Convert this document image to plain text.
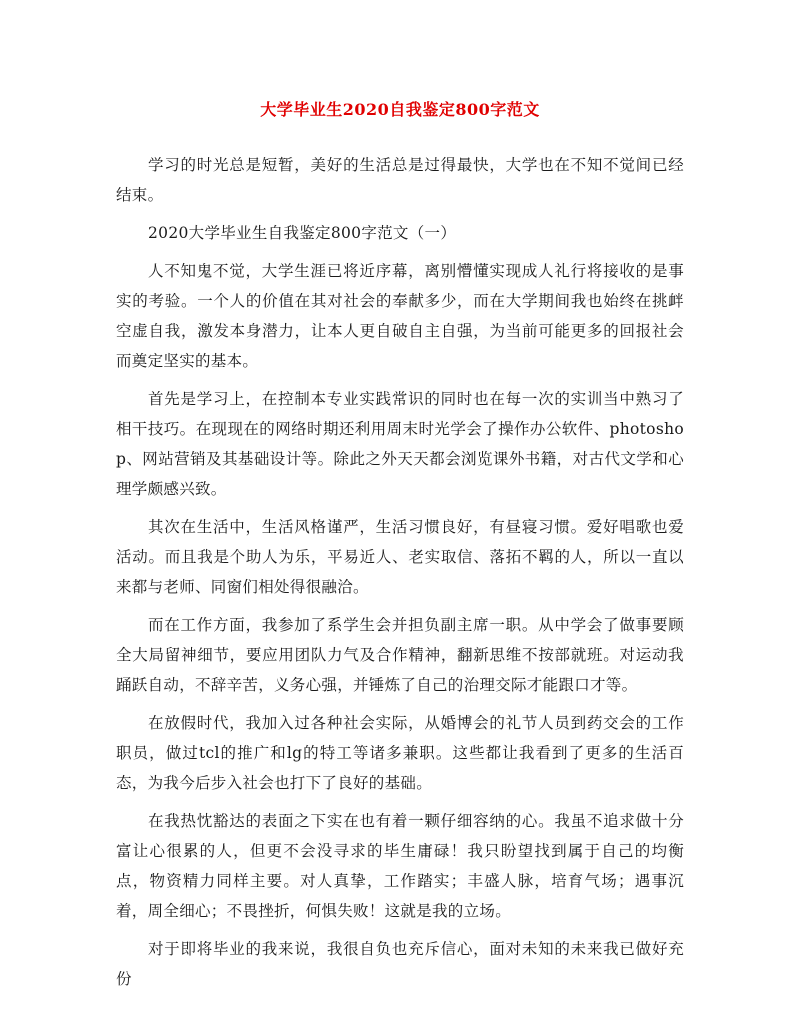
大学毕业生2020自我鉴定800字范文

学习的时光总是短暂，美好的生活总是过得最快，大学也在不知不觉间已经结束。

2020大学毕业生自我鉴定800字范文（一）

人不知鬼不觉，大学生涯已将近序幕，离别懵懂实现成人礼行将接收的是事实的考验。一个人的价值在其对社会的奉献多少，而在大学期间我也始终在挑衅空虚自我，激发本身潜力，让本人更自破自主自强，为当前可能更多的回报社会而奠定坚实的基本。

首先是学习上，在控制本专业实践常识的同时也在每一次的实训当中熟习了相干技巧。在现现在的网络时期还利用周末时光学会了操作办公软件、photoshop、网站营销及其基础设计等。除此之外天天都会浏览课外书籍，对古代文学和心理学颇感兴致。

其次在生活中，生活风格谨严，生活习惯良好，有昼寝习惯。爱好唱歌也爱活动。而且我是个助人为乐，平易近人、老实取信、落拓不羁的人，所以一直以来都与老师、同窗们相处得很融洽。

而在工作方面，我参加了系学生会并担负副主席一职。从中学会了做事要顾全大局留神细节，要应用团队力气及合作精神，翻新思维不按部就班。对运动我踊跃自动，不辞辛苦，义务心强，并锤炼了自己的治理交际才能跟口才等。

在放假时代，我加入过各种社会实际，从婚博会的礼节人员到药交会的工作职员，做过tcl的推广和lg的特工等诸多兼职。这些都让我看到了更多的生活百态，为我今后步入社会也打下了良好的基础。

在我热忱豁达的表面之下实在也有着一颗仔细容纳的心。我虽不追求做十分富让心很累的人，但更不会没寻求的毕生庸碌！我只盼望找到属于自己的均衡点，物资精力同样主要。对人真挚，工作踏实；丰盛人脉，培育气场；遇事沉着，周全细心；不畏挫折，何惧失败！这就是我的立场。

对于即将毕业的我来说，我很自负也充斥信心，面对未知的未来我已做好充份
